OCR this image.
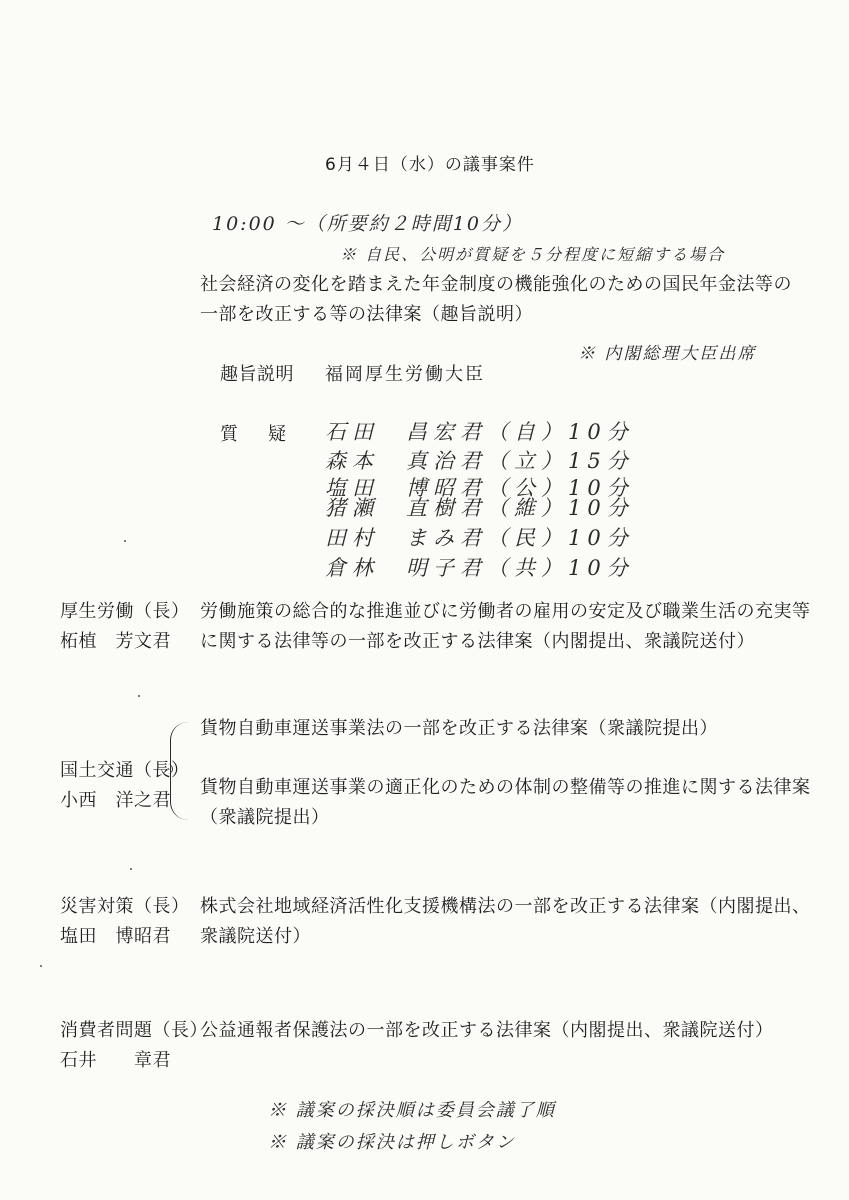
6月４日（水）の議事案件
10:00 ～（所要約２時間10分）
※ 自民、公明が質疑を５分程度に短縮する場合
社会経済の変化を踏まえた年金制度の機能強化のための国民年金法等の
一部を改正する等の法律案（趣旨説明）
※ 内閣総理大臣出席
趣旨説明 福岡厚生労働大臣
質　疑 石田　昌宏君（自）10分
森本　真治君（立）15分
塩田　博昭君（公）10分
猪瀬　直樹君（維）10分
田村　まみ君（民）10分
倉林　明子君（共）10分
厚生労働（長）
柘植　芳文君
労働施策の総合的な推進並びに労働者の雇用の安定及び職業生活の充実等
に関する法律等の一部を改正する法律案（内閣提出、衆議院送付）
国土交通（長）
小西　洋之君
貨物自動車運送事業法の一部を改正する法律案（衆議院提出）
貨物自動車運送事業の適正化のための体制の整備等の推進に関する法律案
（衆議院提出）
災害対策（長）
塩田　博昭君
株式会社地域経済活性化支援機構法の一部を改正する法律案（内閣提出、
衆議院送付）
消費者問題（長）
石井　　章君
公益通報者保護法の一部を改正する法律案（内閣提出、衆議院送付）
※ 議案の採決順は委員会議了順
※ 議案の採決は押しボタン
